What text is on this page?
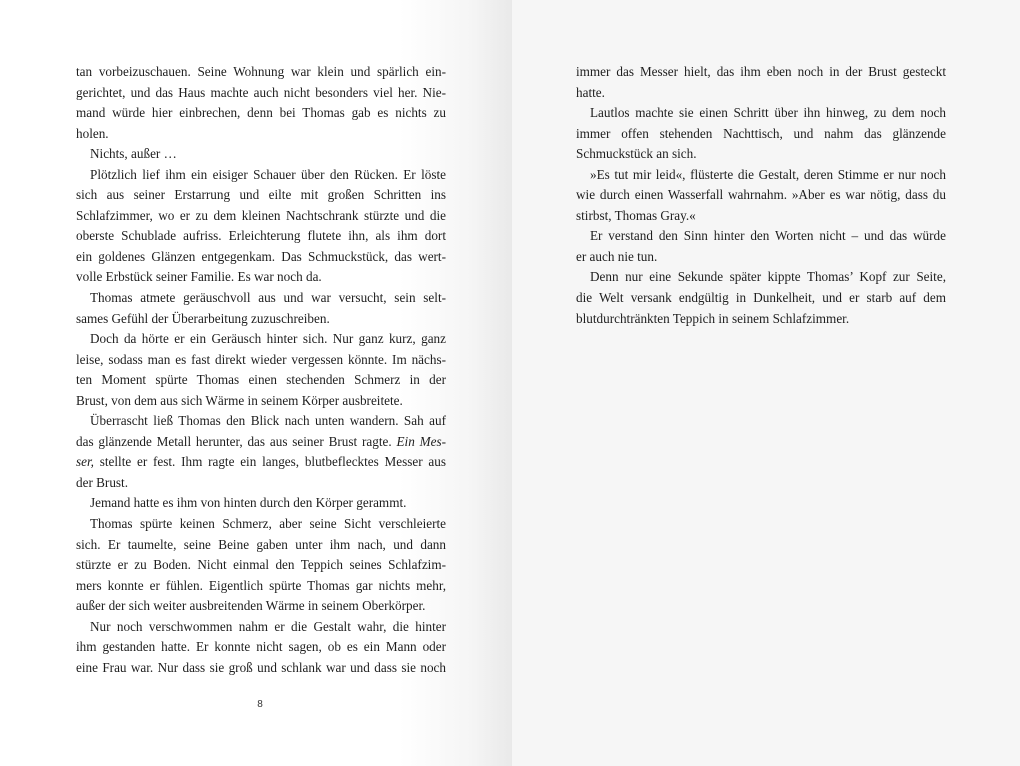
tan vorbeizuschauen. Seine Wohnung war klein und spärlich ein-
gerichtet, und das Haus machte auch nicht besonders viel her. Nie-
mand würde hier einbrechen, denn bei Thomas gab es nichts zu
holen.
Nichts, außer …
Plötzlich lief ihm ein eisiger Schauer über den Rücken. Er löste
sich aus seiner Erstarrung und eilte mit großen Schritten ins
Schlafzimmer, wo er zu dem kleinen Nachtschrank stürzte und die
oberste Schublade aufriss. Erleichterung flutete ihn, als ihm dort
ein goldenes Glänzen entgegenkam. Das Schmuckstück, das wert-
volle Erbstück seiner Familie. Es war noch da.
Thomas atmete geräuschvoll aus und war versucht, sein selt-
sames Gefühl der Überarbeitung zuzuschreiben.
Doch da hörte er ein Geräusch hinter sich. Nur ganz kurz, ganz
leise, sodass man es fast direkt wieder vergessen könnte. Im nächs-
ten Moment spürte Thomas einen stechenden Schmerz in der
Brust, von dem aus sich Wärme in seinem Körper ausbreitete.
Überrascht ließ Thomas den Blick nach unten wandern. Sah auf
das glänzende Metall herunter, das aus seiner Brust ragte. Ein Mes-
ser, stellte er fest. Ihm ragte ein langes, blutbeflecktes Messer aus
der Brust.
Jemand hatte es ihm von hinten durch den Körper gerammt.
Thomas spürte keinen Schmerz, aber seine Sicht verschleierte
sich. Er taumelte, seine Beine gaben unter ihm nach, und dann
stürzte er zu Boden. Nicht einmal den Teppich seines Schlafzim-
mers konnte er fühlen. Eigentlich spürte Thomas gar nichts mehr,
außer der sich weiter ausbreitenden Wärme in seinem Oberkörper.
Nur noch verschwommen nahm er die Gestalt wahr, die hinter
ihm gestanden hatte. Er konnte nicht sagen, ob es ein Mann oder
eine Frau war. Nur dass sie groß und schlank war und dass sie noch
8
immer das Messer hielt, das ihm eben noch in der Brust gesteckt
hatte.
Lautlos machte sie einen Schritt über ihn hinweg, zu dem noch
immer offen stehenden Nachttisch, und nahm das glänzende
Schmuckstück an sich.
»Es tut mir leid«, flüsterte die Gestalt, deren Stimme er nur noch
wie durch einen Wasserfall wahrnahm. »Aber es war nötig, dass du
stirbst, Thomas Gray.«
Er verstand den Sinn hinter den Worten nicht – und das würde
er auch nie tun.
Denn nur eine Sekunde später kippte Thomas’ Kopf zur Seite,
die Welt versank endgültig in Dunkelheit, und er starb auf dem
blutdurchtränkten Teppich in seinem Schlafzimmer.
